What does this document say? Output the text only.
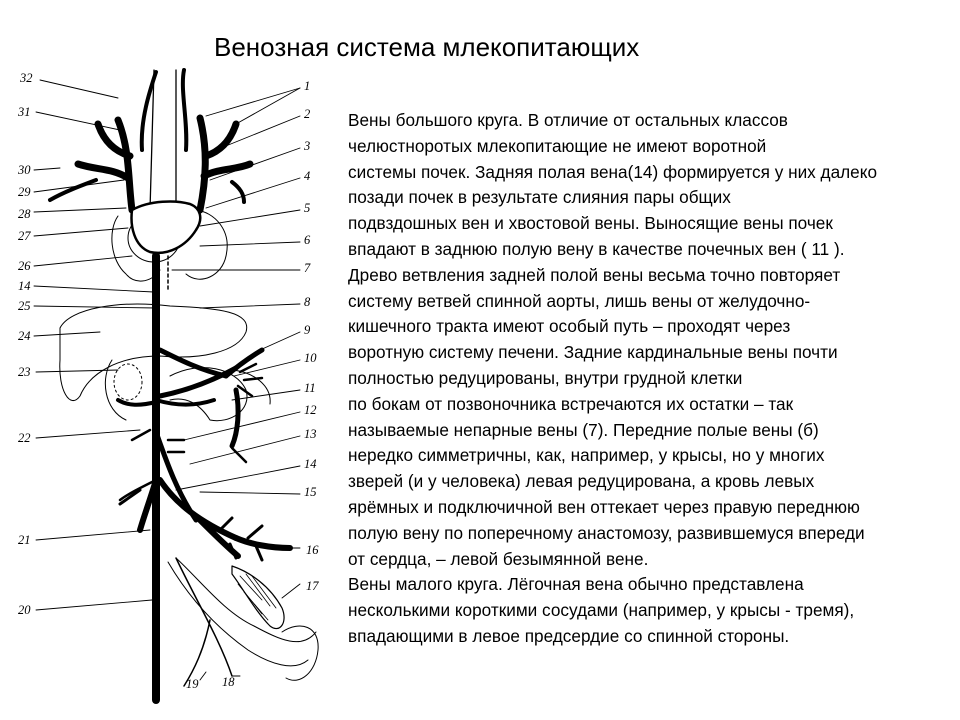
Венозная система млекопитающих
32
31
30
29
28
27
26
14
25
24
23
22
21
20
1
2
3
4
5
6
7
8
9
10
11
12
13
14
15
16
17
18
19
Вены большого круга. В отличие от остальных классов
челюстноротых млекопитающие не имеют воротной
системы почек. Задняя полая вена(14) формируется у них далеко
позади почек в результате слияния пары общих
подвздошных вен и хвостовой вены. Выносящие вены почек
впадают в заднюю полую вену в качестве почечных вен ( 11 ).
Древо ветвления задней полой вены весьма точно повторяет
систему ветвей спинной аорты, лишь вены от желудочно-
кишечного тракта имеют особый путь – проходят через
воротную систему печени. Задние кардинальные вены почти
полностью редуцированы, внутри грудной клетки
по бокам от позвоночника встречаются их остатки – так
называемые непарные вены (7). Передние полые вены (б)
нередко симметричны, как, например, у крысы, но у многих
зверей (и у человека) левая редуцирована, а кровь левых
ярёмных и подключичной вен оттекает через правую переднюю
полую вену по поперечному анастомозу, развившемуся впереди
от сердца, – левой безымянной вене.
Вены малого круга. Лёгочная вена обычно представлена
несколькими короткими сосудами (например, у крысы - тремя),
впадающими в левое предсердие со спинной стороны.
